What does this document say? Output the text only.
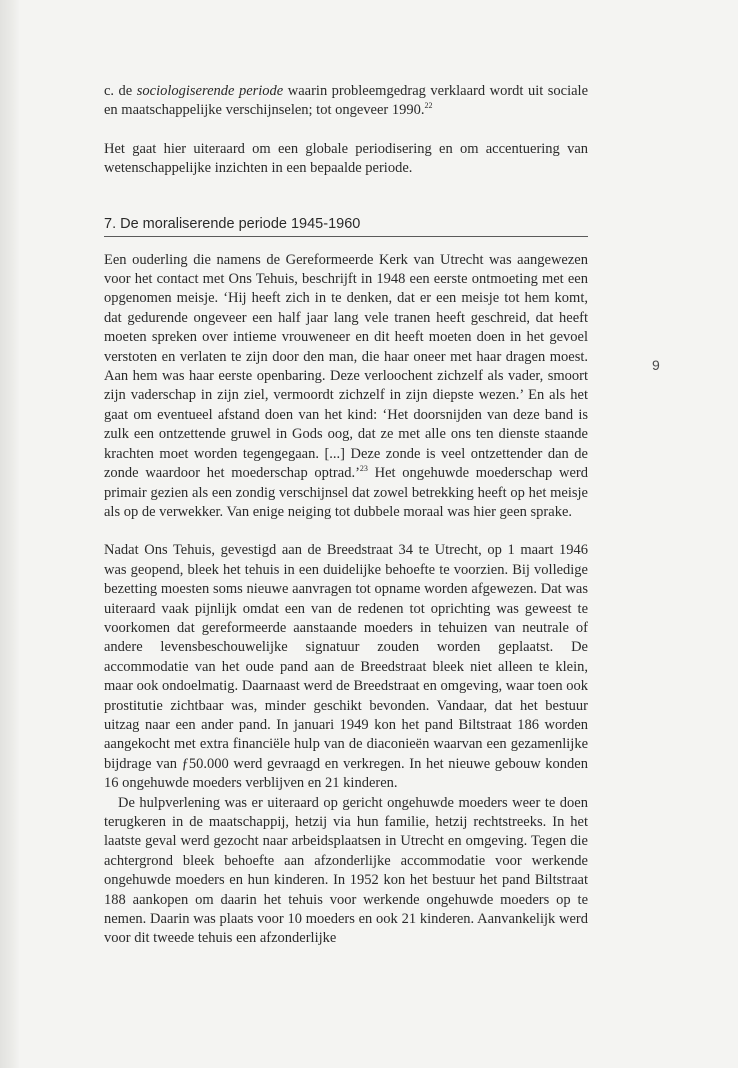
c. de sociologiserende periode waarin probleemgedrag verklaard wordt uit sociale en maatschappelijke verschijnselen; tot ongeveer 1990.22

Het gaat hier uiteraard om een globale periodisering en om accentuering van wetenschappelijke inzichten in een bepaalde periode.

7. De moraliserende periode 1945-1960

Een ouderling die namens de Gereformeerde Kerk van Utrecht was aangewezen voor het contact met Ons Tehuis, beschrijft in 1948 een eerste ontmoeting met een opgenomen meisje. ‘Hij heeft zich in te denken, dat er een meisje tot hem komt, dat gedurende ongeveer een half jaar lang vele tranen heeft geschreid, dat heeft moeten spreken over intieme vrouweneer en dit heeft moeten doen in het gevoel verstoten en verlaten te zijn door den man, die haar oneer met haar dragen moest. Aan hem was haar eerste openbaring. Deze verloochent zichzelf als vader, smoort zijn vaderschap in zijn ziel, vermoordt zichzelf in zijn diepste wezen.’ En als het gaat om eventueel afstand doen van het kind: ‘Het doorsnijden van deze band is zulk een ontzettende gruwel in Gods oog, dat ze met alle ons ten dienste staande krachten moet worden tegengegaan. [...] Deze zonde is veel ontzettender dan de zonde waardoor het moederschap optrad.’$^{23}$ Het ongehuwde moederschap werd primair gezien als een zondig verschijnsel dat zowel betrekking heeft op het meisje als op de verwekker. Van enige neiging tot dubbele moraal was hier geen sprake.

Nadat Ons Tehuis, gevestigd aan de Breedstraat 34 te Utrecht, op 1 maart 1946 was geopend, bleek het tehuis in een duidelijke behoefte te voorzien. Bij volledige bezetting moesten soms nieuwe aanvragen tot opname worden afgewezen. Dat was uiteraard vaak pijnlijk omdat een van de redenen tot oprichting was geweest te voorkomen dat gereformeerde aanstaande moeders in tehuizen van neutrale of andere levensbeschouwelijke signatuur zouden worden geplaatst. De accommodatie van het oude pand aan de Breedstraat bleek niet alleen te klein, maar ook ondoelmatig. Daarnaast werd de Breedstraat en omgeving, waar toen ook prostitutie zichtbaar was, minder geschikt bevonden. Vandaar, dat het bestuur uitzag naar een ander pand. In januari 1949 kon het pand Biltstraat 186 worden aangekocht met extra financiële hulp van de diaconieën waarvan een gezamenlijke bijdrage van ƒ50.000 werd gevraagd en verkregen. In het nieuwe gebouw konden 16 ongehuwde moeders verblijven en 21 kinderen.

De hulpverlening was er uiteraard op gericht ongehuwde moeders weer te doen terugkeren in de maatschappij, hetzij via hun familie, hetzij rechtstreeks. In het laatste geval werd gezocht naar arbeidsplaatsen in Utrecht en omgeving. Tegen die achtergrond bleek behoefte aan afzonderlijke accommodatie voor werkende ongehuwde moeders en hun kinderen. In 1952 kon het bestuur het pand Biltstraat 188 aankopen om daarin het tehuis voor werkende ongehuwde moeders op te nemen. Daarin was plaats voor 10 moeders en ook 21 kinderen. Aanvankelijk werd voor dit tweede tehuis een afzonderlijke

9
